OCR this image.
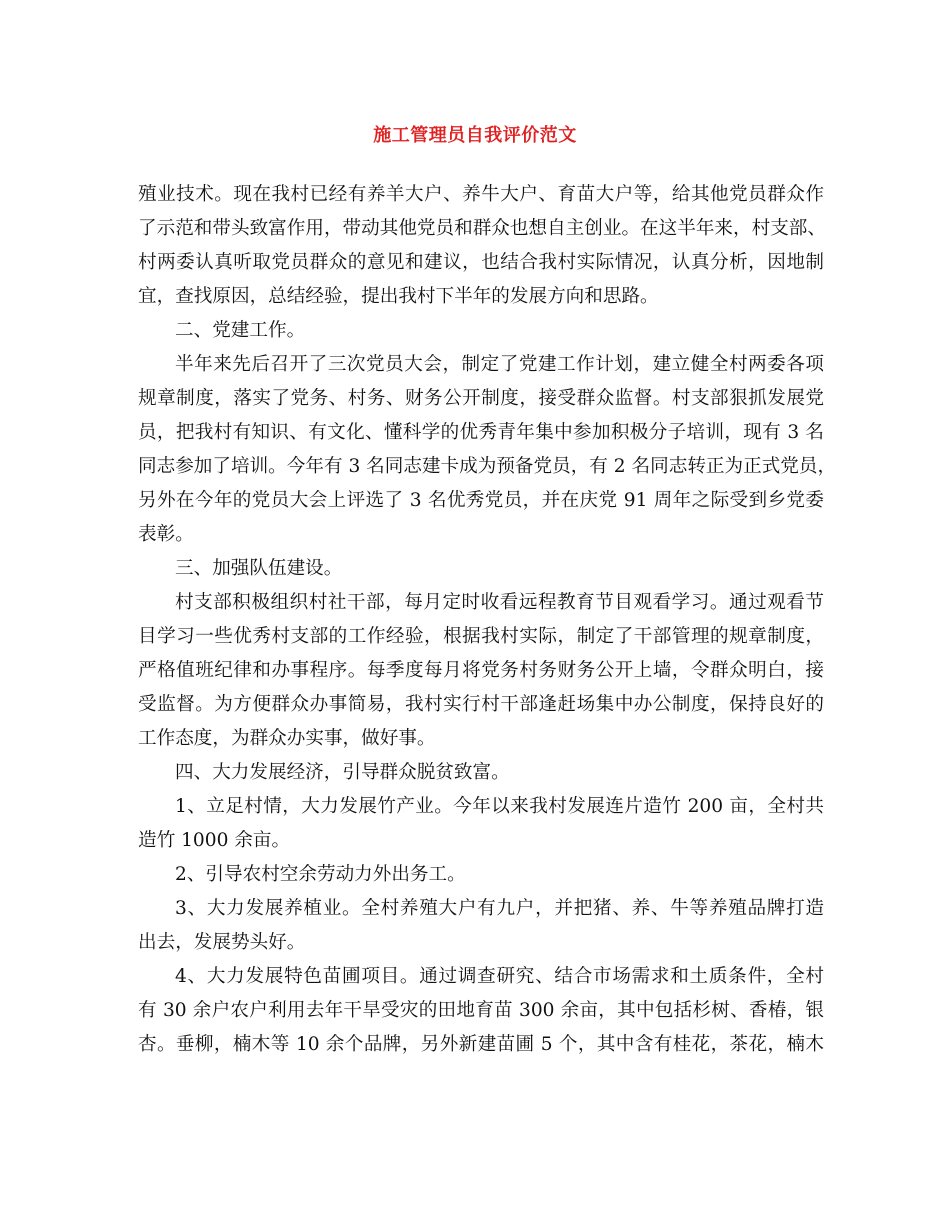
施工管理员自我评价范文
殖业技术。现在我村已经有养羊大户、养牛大户、育苗大户等，给其他党员群众作
了示范和带头致富作用，带动其他党员和群众也想自主创业。在这半年来，村支部、
村两委认真听取党员群众的意见和建议，也结合我村实际情况，认真分析，因地制
宜，查找原因，总结经验，提出我村下半年的发展方向和思路。
二、党建工作。
半年来先后召开了三次党员大会，制定了党建工作计划，建立健全村两委各项
规章制度，落实了党务、村务、财务公开制度，接受群众监督。村支部狠抓发展党
员，把我村有知识、有文化、懂科学的优秀青年集中参加积极分子培训，现有 3 名
同志参加了培训。今年有 3 名同志建卡成为预备党员，有 2 名同志转正为正式党员，
另外在今年的党员大会上评选了 3 名优秀党员，并在庆党 91 周年之际受到乡党委
表彰。
三、加强队伍建设。
村支部积极组织村社干部，每月定时收看远程教育节目观看学习。通过观看节
目学习一些优秀村支部的工作经验，根据我村实际，制定了干部管理的规章制度，
严格值班纪律和办事程序。每季度每月将党务村务财务公开上墙，令群众明白，接
受监督。为方便群众办事简易，我村实行村干部逢赶场集中办公制度，保持良好的
工作态度，为群众办实事，做好事。
四、大力发展经济，引导群众脱贫致富。
1、立足村情，大力发展竹产业。今年以来我村发展连片造竹 200 亩，全村共
造竹 1000 余亩。
2、引导农村空余劳动力外出务工。
3、大力发展养植业。全村养殖大户有九户，并把猪、养、牛等养殖品牌打造
出去，发展势头好。
4、大力发展特色苗圃项目。通过调查研究、结合市场需求和土质条件，全村
有 30 余户农户利用去年干旱受灾的田地育苗 300 余亩，其中包括杉树、香椿，银
杏。垂柳，楠木等 10 余个品牌，另外新建苗圃 5 个，其中含有桂花，茶花，楠木
